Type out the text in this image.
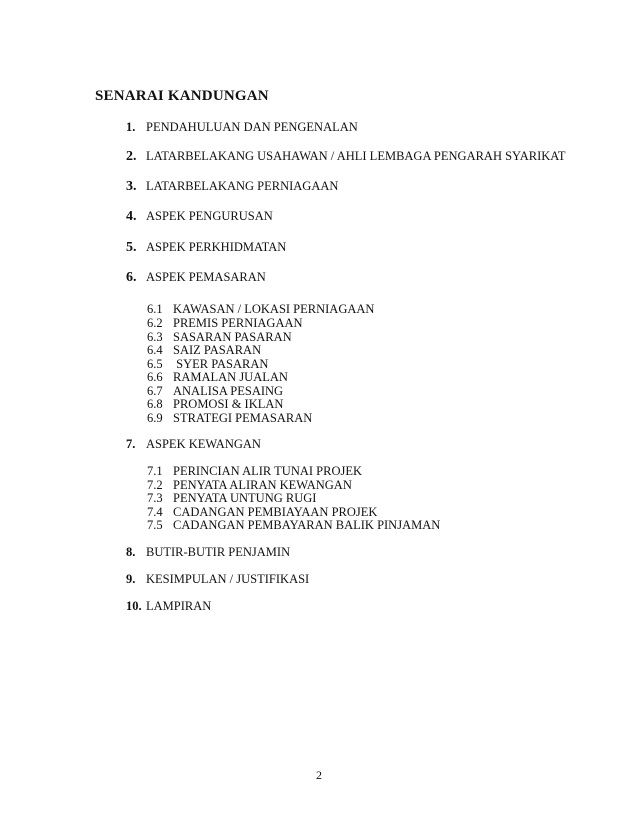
SENARAI KANDUNGAN
1. PENDAHULUAN DAN PENGENALAN
2. LATARBELAKANG USAHAWAN / AHLI LEMBAGA PENGARAH SYARIKAT
3. LATARBELAKANG PERNIAGAAN
4. ASPEK PENGURUSAN
5. ASPEK PERKHIDMATAN
6. ASPEK PEMASARAN
6.1 KAWASAN / LOKASI PERNIAGAAN
6.2 PREMIS PERNIAGAAN
6.3 SASARAN PASARAN
6.4 SAIZ PASARAN
6.5 SYER PASARAN
6.6 RAMALAN JUALAN
6.7 ANALISA PESAING
6.8 PROMOSI & IKLAN
6.9 STRATEGI PEMASARAN
7. ASPEK KEWANGAN
7.1 PERINCIAN ALIR TUNAI PROJEK
7.2 PENYATA ALIRAN KEWANGAN
7.3 PENYATA UNTUNG RUGI
7.4 CADANGAN PEMBIAYAAN PROJEK
7.5 CADANGAN PEMBAYARAN BALIK PINJAMAN
8. BUTIR-BUTIR PENJAMIN
9. KESIMPULAN / JUSTIFIKASI
10. LAMPIRAN
2
